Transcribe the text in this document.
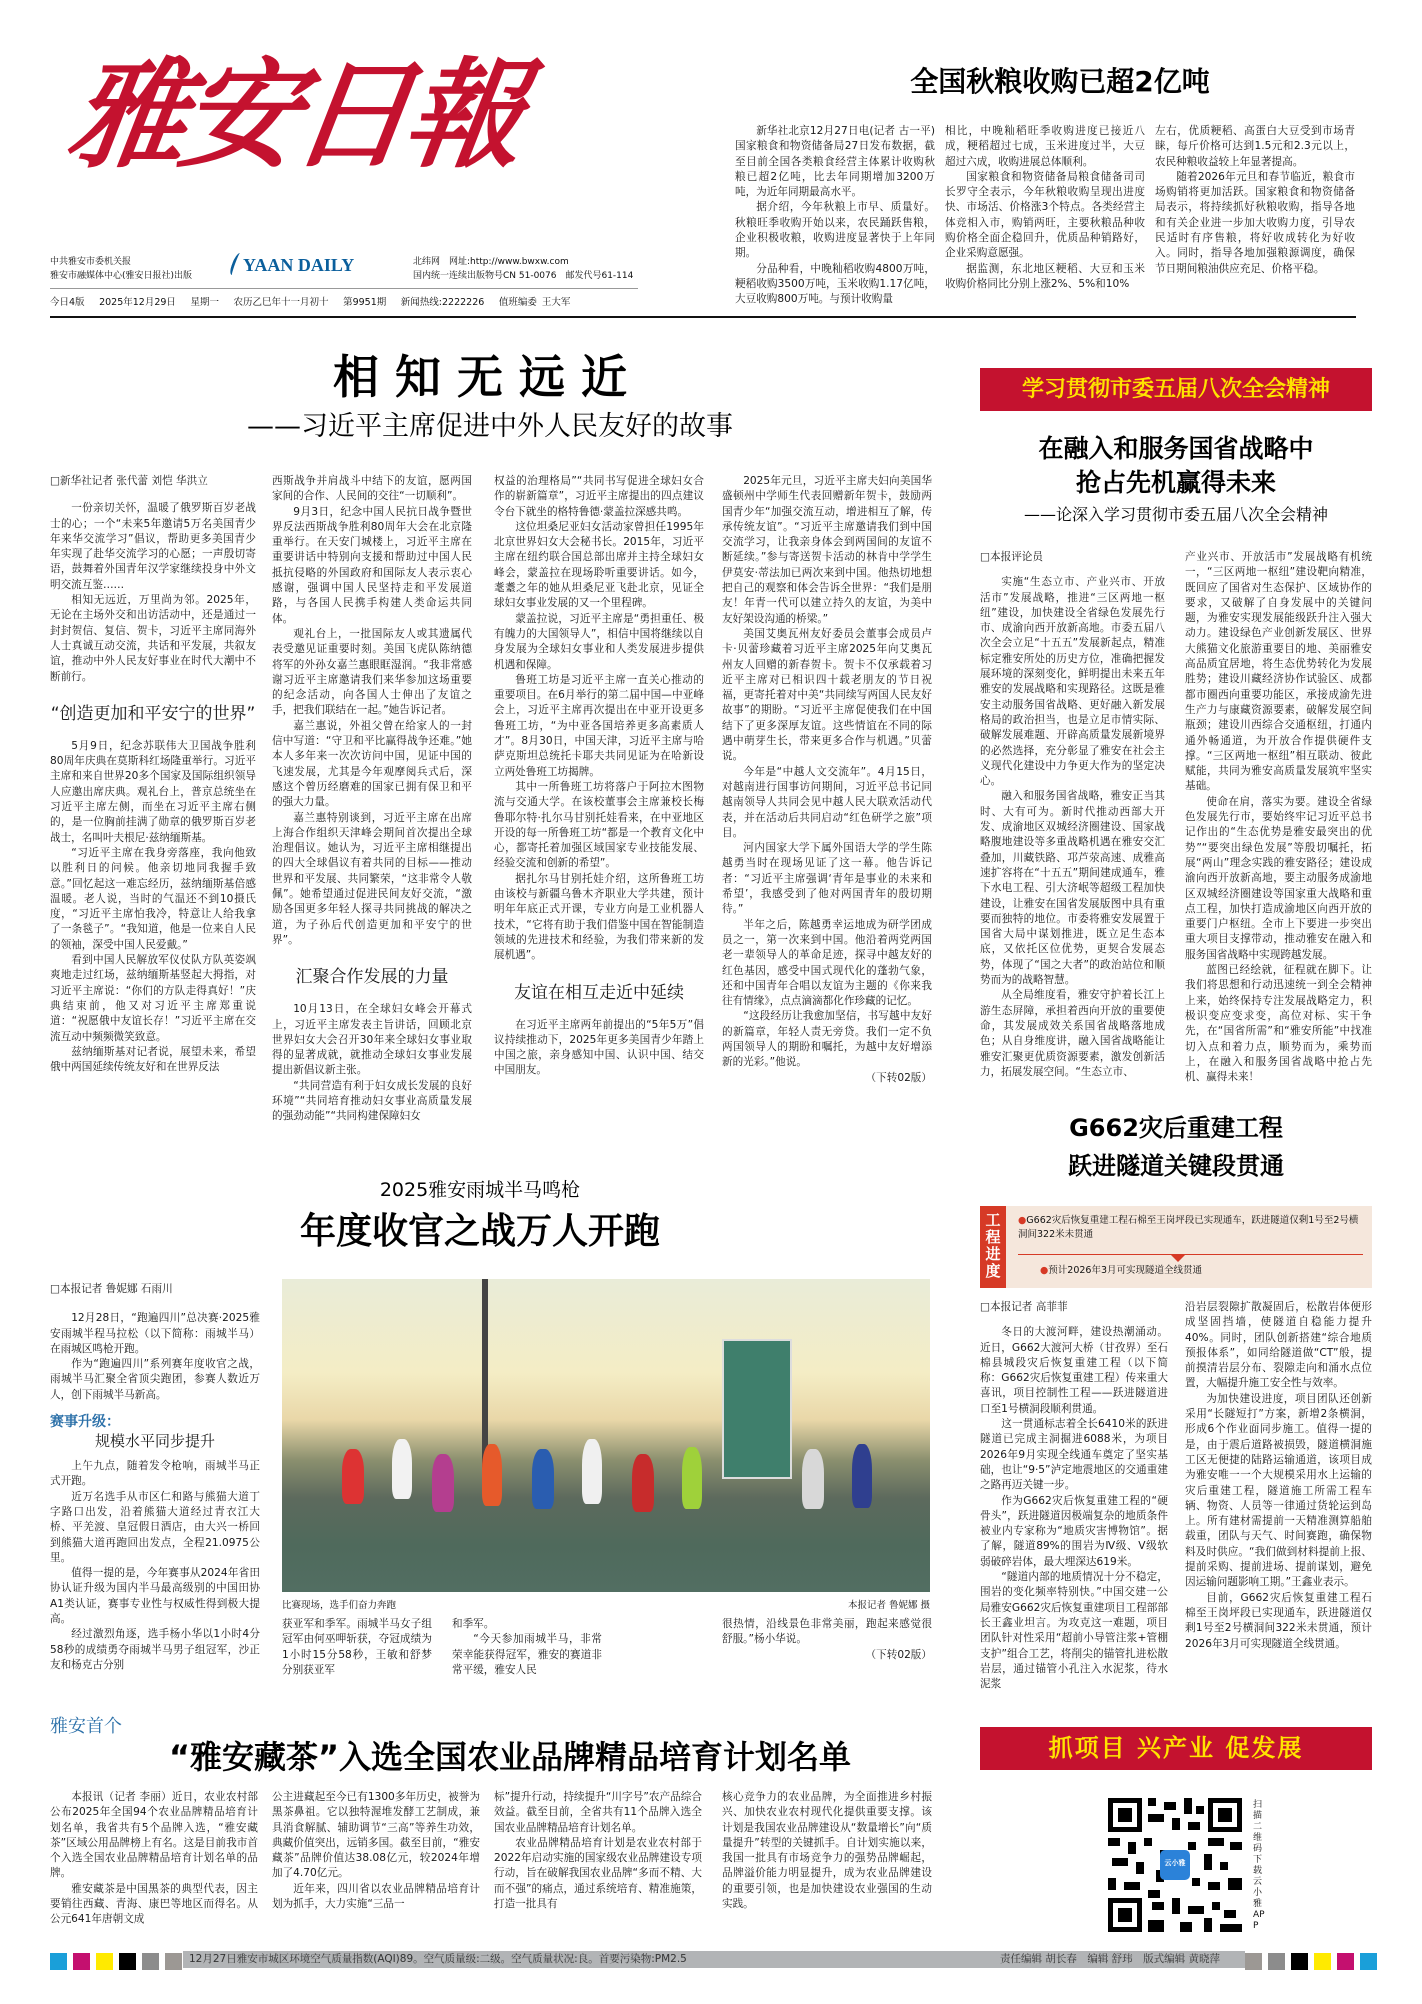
雅安日報
中共雅安市委机关报
雅安市融媒体中心(雅安日报社)出版
YAAN DAILY	北纬网　网址:http://www.bwxw.com
国内统一连续出版物号CN 51-0076　邮发代号61-114
今日4版　 2025年12月29日　 星期一　 农历乙巳年十一月初十　 第9951期　 新闻热线:2222226　 值班编委 王大军
全国秋粮收购已超2亿吨

新华社北京12月27日电(记者 古一平)国家粮食和物资储备局27日发布数据，截至目前全国各类粮食经营主体累计收购秋粮已超2亿吨，比去年同期增加3200万吨，为近年同期最高水平。

据介绍，今年秋粮上市早、质量好。秋粮旺季收购开始以来，农民踊跃售粮，企业积极收粮，收购进度显著快于上年同期。

分品种看，中晚籼稻收购4800万吨，粳稻收购3500万吨，玉米收购1.17亿吨，大豆收购800万吨。与预计收购量

相比，中晚籼稻旺季收购进度已接近八成，粳稻超过七成，玉米进度过半，大豆超过六成，收购进展总体顺利。

国家粮食和物资储备局粮食储备司司长罗守全表示，今年秋粮收购呈现出进度快、市场活、价格涨3个特点。各类经营主体竞相入市，购销两旺，主要秋粮品种收购价格全面企稳回升，优质品种销路好，企业采购意愿强。

据监测，东北地区粳稻、大豆和玉米收购价格同比分别上涨2%、5%和10%

左右，优质粳稻、高蛋白大豆受到市场青睐，每斤价格可达到1.5元和2.3元以上，农民种粮收益较上年显著提高。

随着2026年元旦和春节临近，粮食市场购销将更加活跃。国家粮食和物资储备局表示，将持续抓好秋粮收购，指导各地和有关企业进一步加大收购力度，引导农民适时有序售粮，将好收成转化为好收入。同时，指导各地加强粮源调度，确保节日期间粮油供应充足、价格平稳。

相 知 无 远 近
——习近平主席促进中外人民友好的故事

□新华社记者 张代蕾 刘恺 华洪立

一份亲切关怀，温暖了俄罗斯百岁老战士的心；一个“未来5年邀请5万名美国青少年来华交流学习”倡议，帮助更多美国青少年实现了赴华交流学习的心愿；一声殷切寄语，鼓舞着外国青年汉学家继续投身中外文明交流互鉴……

相知无远近，万里尚为邻。2025年，无论在主场外交和出访活动中，还是通过一封封贺信、复信、贺卡，习近平主席同海外人士真诚互动交流，共话和平发展，共叙友谊，推动中外人民友好事业在时代大潮中不断前行。

“创造更加和平安宁的世界”

5月9日，纪念苏联伟大卫国战争胜利80周年庆典在莫斯科红场隆重举行。习近平主席和来自世界20多个国家及国际组织领导人应邀出席庆典。观礼台上，普京总统坐在习近平主席左侧，而坐在习近平主席右侧的，是一位胸前挂满了勋章的俄罗斯百岁老战士，名叫叶夫根尼·兹纳缅斯基。

“习近平主席在我身旁落座，我向他致以胜利日的问候。他亲切地同我握手致意。”回忆起这一难忘经历，兹纳缅斯基倍感温暖。老人说，当时的气温还不到10摄氏度，“习近平主席怕我冷，特意让人给我拿了一条毯子”。“我知道，他是一位来自人民的领袖，深受中国人民爱戴。”

看到中国人民解放军仪仗队方队英姿飒爽地走过红场，兹纳缅斯基竖起大拇指，对习近平主席说：“你们的方队走得真好！”庆典结束前，他又对习近平主席郑重说道：“祝愿俄中友谊长存！”习近平主席在交流互动中频频微笑致意。

兹纳缅斯基对记者说，展望未来，希望俄中两国延续传统友好和在世界反法

西斯战争并肩战斗中结下的友谊，愿两国家间的合作、人民间的交往“一切顺利”。

9月3日，纪念中国人民抗日战争暨世界反法西斯战争胜利80周年大会在北京隆重举行。在天安门城楼上，习近平主席在重要讲话中特别向支援和帮助过中国人民抵抗侵略的外国政府和国际友人表示衷心感谢，强调中国人民坚持走和平发展道路，与各国人民携手构建人类命运共同体。

观礼台上，一批国际友人或其遗属代表受邀见证重要时刻。美国飞虎队陈纳德将军的外孙女嘉兰惠眼眶湿润。“我非常感谢习近平主席邀请我们来华参加这场重要的纪念活动，向各国人士伸出了友谊之手，把我们联结在一起。”她告诉记者。

嘉兰惠说，外祖父曾在给家人的一封信中写道：“守卫和平比赢得战争还难。”她本人多年来一次次访问中国，见证中国的飞速发展，尤其是今年观摩阅兵式后，深感这个曾历经磨难的国家已拥有保卫和平的强大力量。

嘉兰惠特别谈到，习近平主席在出席上海合作组织天津峰会期间首次提出全球治理倡议。她认为，习近平主席相继提出的四大全球倡议有着共同的目标——推动世界和平发展、共同繁荣，“这非常令人敬佩”。她希望通过促进民间友好交流，“激励各国更多年轻人探寻共同挑战的解决之道，为子孙后代创造更加和平安宁的世界”。

汇聚合作发展的力量

10月13日，在全球妇女峰会开幕式上，习近平主席发表主旨讲话，回顾北京世界妇女大会召开30年来全球妇女事业取得的显著成就，就推动全球妇女事业发展提出新倡议新主张。

“共同营造有利于妇女成长发展的良好环境”“共同培育推动妇女事业高质量发展的强劲动能”“共同构建保障妇女

权益的治理格局”“共同书写促进全球妇女合作的崭新篇章”，习近平主席提出的四点建议令台下就坐的格特鲁德·蒙盖拉深感共鸣。

这位坦桑尼亚妇女活动家曾担任1995年北京世界妇女大会秘书长。2015年，习近平主席在纽约联合国总部出席并主持全球妇女峰会，蒙盖拉在现场聆听重要讲话。如今，耄耋之年的她从坦桑尼亚飞赴北京，见证全球妇女事业发展的又一个里程碑。

蒙盖拉说，习近平主席是“勇担重任、极有魄力的大国领导人”，相信中国将继续以自身发展为全球妇女事业和人类发展进步提供机遇和保障。

鲁班工坊是习近平主席一直关心推动的重要项目。在6月举行的第二届中国—中亚峰会上，习近平主席再次提出在中亚开设更多鲁班工坊，“为中亚各国培养更多高素质人才”。8月30日，中国天津，习近平主席与哈萨克斯坦总统托卡耶夫共同见证为在哈新设立两处鲁班工坊揭牌。

其中一所鲁班工坊将落户于阿拉木图物流与交通大学。在该校董事会主席兼校长梅鲁耶尔特·扎尔马甘别托娃看来，在中亚地区开设的每一所鲁班工坊“都是一个教育文化中心，都寄托着加强区域国家专业技能发展、经验交流和创新的希望”。

据扎尔马甘别托娃介绍，这所鲁班工坊由该校与新疆乌鲁木齐职业大学共建，预计明年年底正式开课，专业方向是工业机器人技术，“它将有助于我们借鉴中国在智能制造领域的先进技术和经验，为我们带来新的发展机遇”。

友谊在相互走近中延续

在习近平主席两年前提出的“5年5万”倡议持续推动下，2025年更多美国青少年踏上中国之旅，亲身感知中国、认识中国、结交中国朋友。

2025年元旦，习近平主席夫妇向美国华盛顿州中学师生代表回赠新年贺卡，鼓励两国青少年“加强交流互动，增进相互了解，传承传统友谊”。“习近平主席邀请我们到中国交流学习，让我亲身体会到两国间的友谊不断延续。”参与寄送贺卡活动的林肯中学学生伊莫安·蒂法加已两次来到中国。他热切地想把自己的观察和体会告诉全世界：“我们是朋友！年青一代可以建立持久的友谊，为美中友好架设沟通的桥梁。”

美国艾奥瓦州友好委员会董事会成员卢卡·贝蕾珍藏着习近平主席2025年向艾奥瓦州友人回赠的新春贺卡。贺卡不仅承载着习近平主席对已相识四十载老朋友的节日祝福，更寄托着对中美“共同续写两国人民友好故事”的期盼。“习近平主席促使我们在中国结下了更多深厚友谊。这些情谊在不同的际遇中萌芽生长，带来更多合作与机遇。”贝蕾说。

今年是“中越人文交流年”。4月15日，对越南进行国事访问期间，习近平总书记同越南领导人共同会见中越人民大联欢活动代表，并在活动后共同启动“红色研学之旅”项目。

河内国家大学下属外国语大学的学生陈越勇当时在现场见证了这一幕。他告诉记者：“习近平主席强调‘青年是事业的未来和希望’，我感受到了他对两国青年的殷切期待。”

半年之后，陈越勇幸运地成为研学团成员之一，第一次来到中国。他沿着两党两国老一辈领导人的革命足迹，探寻中越友好的红色基因，感受中国式现代化的蓬勃气象，还和中国青年合唱以友谊为主题的《你来我往有情缘》，点点滴滴都化作珍藏的记忆。

“这段经历让我愈加坚信，书写越中友好的新篇章，年轻人责无旁贷。我们一定不负两国领导人的期盼和嘱托，为越中友好增添新的光彩。”他说。

（下转02版）

2025雅安雨城半马鸣枪
年度收官之战万人开跑

□本报记者 鲁妮娜 石雨川

12月28日，“跑遍四川”总决赛·2025雅安雨城半程马拉松（以下简称：雨城半马）在雨城区鸣枪开跑。

作为“跑遍四川”系列赛年度收官之战，雨城半马汇聚全省顶尖跑团，参赛人数近万人，创下雨城半马新高。

赛事升级：

规模水平同步提升

上午九点，随着发令枪响，雨城半马正式开跑。

近万名选手从市区仁和路与熊猫大道丁字路口出发，沿着熊猫大道经过青衣江大桥、平羌渡、皇冠假日酒店，由大兴一桥回到熊猫大道再跑回出发点，全程21.0975公里。

值得一提的是，今年赛事从2024年省田协认证升级为国内半马最高级别的中国田协A1类认证，赛事专业性与权威性得到极大提高。

经过激烈角逐，选手杨小华以1小时4分58秒的成绩勇夺雨城半马男子组冠军，沙正友和杨克古分别

比赛现场，选手们奋力奔跑	本报记者 鲁妮娜 摄

获亚军和季军。雨城半马女子组冠军由何巫呷斩获，夺冠成绩为1小时15分58秒，王敏和舒梦分别获亚军

和季军。

“今天参加雨城半马，非常荣幸能获得冠军，雅安的赛道非常平缓，雅安人民

很热情，沿线景色非常美丽，跑起来感觉很舒服。”杨小华说。

（下转02版）

雅安首个
“雅安藏茶”入选全国农业品牌精品培育计划名单

本报讯（记者 李丽）近日，农业农村部公布2025年全国94个农业品牌精品培育计划名单，我省共有5个品牌入选，“雅安藏茶”区域公用品牌榜上有名。这是目前我市首个入选全国农业品牌精品培育计划名单的品牌。

雅安藏茶是中国黑茶的典型代表，因主要销往西藏、青海、康巴等地区而得名。从公元641年唐朝文成

公主进藏起至今已有1300多年历史，被誉为黑茶鼻祖。它以独特渥堆发酵工艺制成，兼具消食解腻、辅助调节“三高”等养生功效，典藏价值突出，远销多国。截至目前，“雅安藏茶”品牌价值达38.08亿元，较2024年增加了4.70亿元。

近年来，四川省以农业品牌精品培育计划为抓手，大力实施“三品一

标”提升行动，持续提升“川字号”农产品综合效益。截至目前，全省共有11个品牌入选全国农业品牌精品培育计划名单。

农业品牌精品培育计划是农业农村部于2022年启动实施的国家级农业品牌建设专项行动，旨在破解我国农业品牌“多而不精、大而不强”的痛点，通过系统培育、精准施策，打造一批具有

核心竞争力的农业品牌，为全面推进乡村振兴、加快农业农村现代化提供重要支撑。该计划是我国农业品牌建设从“数量增长”向“质量提升”转型的关键抓手。自计划实施以来，我国一批具有市场竞争力的强势品牌崛起，品牌溢价能力明显提升，成为农业品牌建设的重要引领，也是加快建设农业强国的生动实践。

学习贯彻市委五届八次全会精神
在融入和服务国省战略中
抢占先机赢得未来
——论深入学习贯彻市委五届八次全会精神

□本报评论员

实施“生态立市、产业兴市、开放活市”发展战略，推进“三区两地一枢纽”建设，加快建设全省绿色发展先行市、成渝向西开放新高地。市委五届八次全会立足“十五五”发展新起点，精准标定雅安所处的历史方位，准确把握发展环境的深刻变化，鲜明提出未来五年雅安的发展战略和实现路径。这既是雅安主动服务国省战略、更好融入新发展格局的政治担当，也是立足市情实际、破解发展难题、开辟高质量发展新境界的必然选择，充分彰显了雅安在社会主义现代化建设中力争更大作为的坚定决心。

融入和服务国省战略，雅安正当其时、大有可为。新时代推动西部大开发、成渝地区双城经济圈建设、国家战略腹地建设等多重战略机遇在雅安交汇叠加，川藏铁路、邛芦荥高速、成雅高速扩容将在“十五五”期间建成通车，雅下水电工程、引大济岷等超级工程加快建设，让雅安在国省发展版图中具有重要而独特的地位。市委将雅安发展置于国省大局中谋划推进，既立足生态本底，又依托区位优势，更契合发展态势，体现了“国之大者”的政治站位和顺势而为的战略智慧。

从全局维度看，雅安守护着长江上游生态屏障，承担着西向开放的重要使命，其发展成效关系国省战略落地成色；从自身维度讲，融入国省战略能让雅安汇聚更优质资源要素，激发创新活力，拓展发展空间。“生态立市、

产业兴市、开放活市”发展战略有机统一，“三区两地一枢纽”建设靶向精准，既回应了国省对生态保护、区域协作的要求，又破解了自身发展中的关键问题，为雅安实现发展能级跃升注入强大动力。建设绿色产业创新发展区、世界大熊猫文化旅游重要目的地、美丽雅安高品质宜居地，将生态优势转化为发展胜势；建设川藏经济协作试验区、成都都市圈西向重要功能区，承接成渝先进生产力与康藏资源要素，破解发展空间瓶颈；建设川西综合交通枢纽，打通内通外畅通道，为开放合作提供硬件支撑。“三区两地一枢纽”相互联动、彼此赋能，共同为雅安高质量发展筑牢坚实基础。

使命在肩，落实为要。建设全省绿色发展先行市，要始终牢记习近平总书记作出的“生态优势是雅安最突出的优势”“要突出绿色发展”等殷切嘱托，拓展“两山”理念实践的雅安路径；建设成渝向西开放新高地，要主动服务成渝地区双城经济圈建设等国家重大战略和重点工程，加快打造成渝地区向西开放的重要门户枢纽。全市上下要进一步突出重大项目支撑带动，推动雅安在融入和服务国省战略中实现跨越发展。

蓝图已经绘就，征程就在脚下。让我们将思想和行动迅速统一到全会精神上来，始终保持专注发展战略定力，积极识变应变求变，高位对标、实干争先，在“国省所需”和“雅安所能”中找准切入点和着力点，顺势而为，乘势而上，在融入和服务国省战略中抢占先机、赢得未来！

G662灾后重建工程
跃进隧道关键段贯通
工程进度
●G662灾后恢复重建工程石棉至王岗坪段已实现通车，跃进隧道仅剩1号至2号横洞间322米未贯通
●预计2026年3月可实现隧道全线贯通

□本报记者 高菲菲

冬日的大渡河畔，建设热潮涌动。近日，G662大渡河大桥（甘孜界）至石棉县城段灾后恢复重建工程（以下简称：G662灾后恢复重建工程）传来重大喜讯，项目控制性工程——跃进隧道进口至1号横洞段顺利贯通。

这一贯通标志着全长6410米的跃进隧道已完成主洞掘进6088米，为项目2026年9月实现全线通车奠定了坚实基础，也让“9·5”泸定地震地区的交通重建之路再迈关键一步。

作为G662灾后恢复重建工程的“硬骨头”，跃进隧道因极端复杂的地质条件被业内专家称为“地质灾害博物馆”。据了解，隧道89%的围岩为Ⅳ级、Ⅴ级软弱破碎岩体，最大埋深达619米。

“隧道内部的地质情况十分不稳定，围岩的变化频率特别快。”中国交建一公局雅安G662灾后恢复重建项目工程部部长王鑫业坦言。为攻克这一难题，项目团队针对性采用“超前小导管注浆+管棚支护”组合工艺，将削尖的锚管扎进松散岩层，通过锚管小孔注入水泥浆，待水泥浆

沿岩层裂隙扩散凝固后，松散岩体便形成坚固挡墙，使隧道自稳能力提升40%。同时，团队创新搭建“综合地质预报体系”，如同给隧道做“CT”般，提前摸清岩层分布、裂隙走向和涌水点位置，大幅提升施工安全性与效率。

为加快建设进度，项目团队还创新采用“长隧短打”方案，新增2条横洞，形成6个作业面同步施工。值得一提的是，由于震后道路被损毁，隧道横洞施工区无便捷的陆路运输通道，该项目成为雅安唯一一个大规模采用水上运输的灾后重建工程，隧道施工所需工程车辆、物资、人员等一律通过货轮运到岛上。所有建材需提前一天精准测算船舶载重，团队与天气、时间赛跑，确保物料及时供应。“我们做到材料提前上报、提前采购、提前进场、提前谋划，避免因运输问题影响工期。”王鑫业表示。

目前，G662灾后恢复重建工程石棉至王岗坪段已实现通车，跃进隧道仅剩1号至2号横洞间322米未贯通，预计2026年3月可实现隧道全线贯通。

抓项目 兴产业 促发展
云小雅
扫描二维码下载云小雅APP
12月27日雅安市城区环境空气质量指数(AQI)89。空气质量级:二级。空气质量状况:良。首要污染物:PM2.5	责任编辑 胡长春　编辑 舒玮　版式编辑 黄晓萍
